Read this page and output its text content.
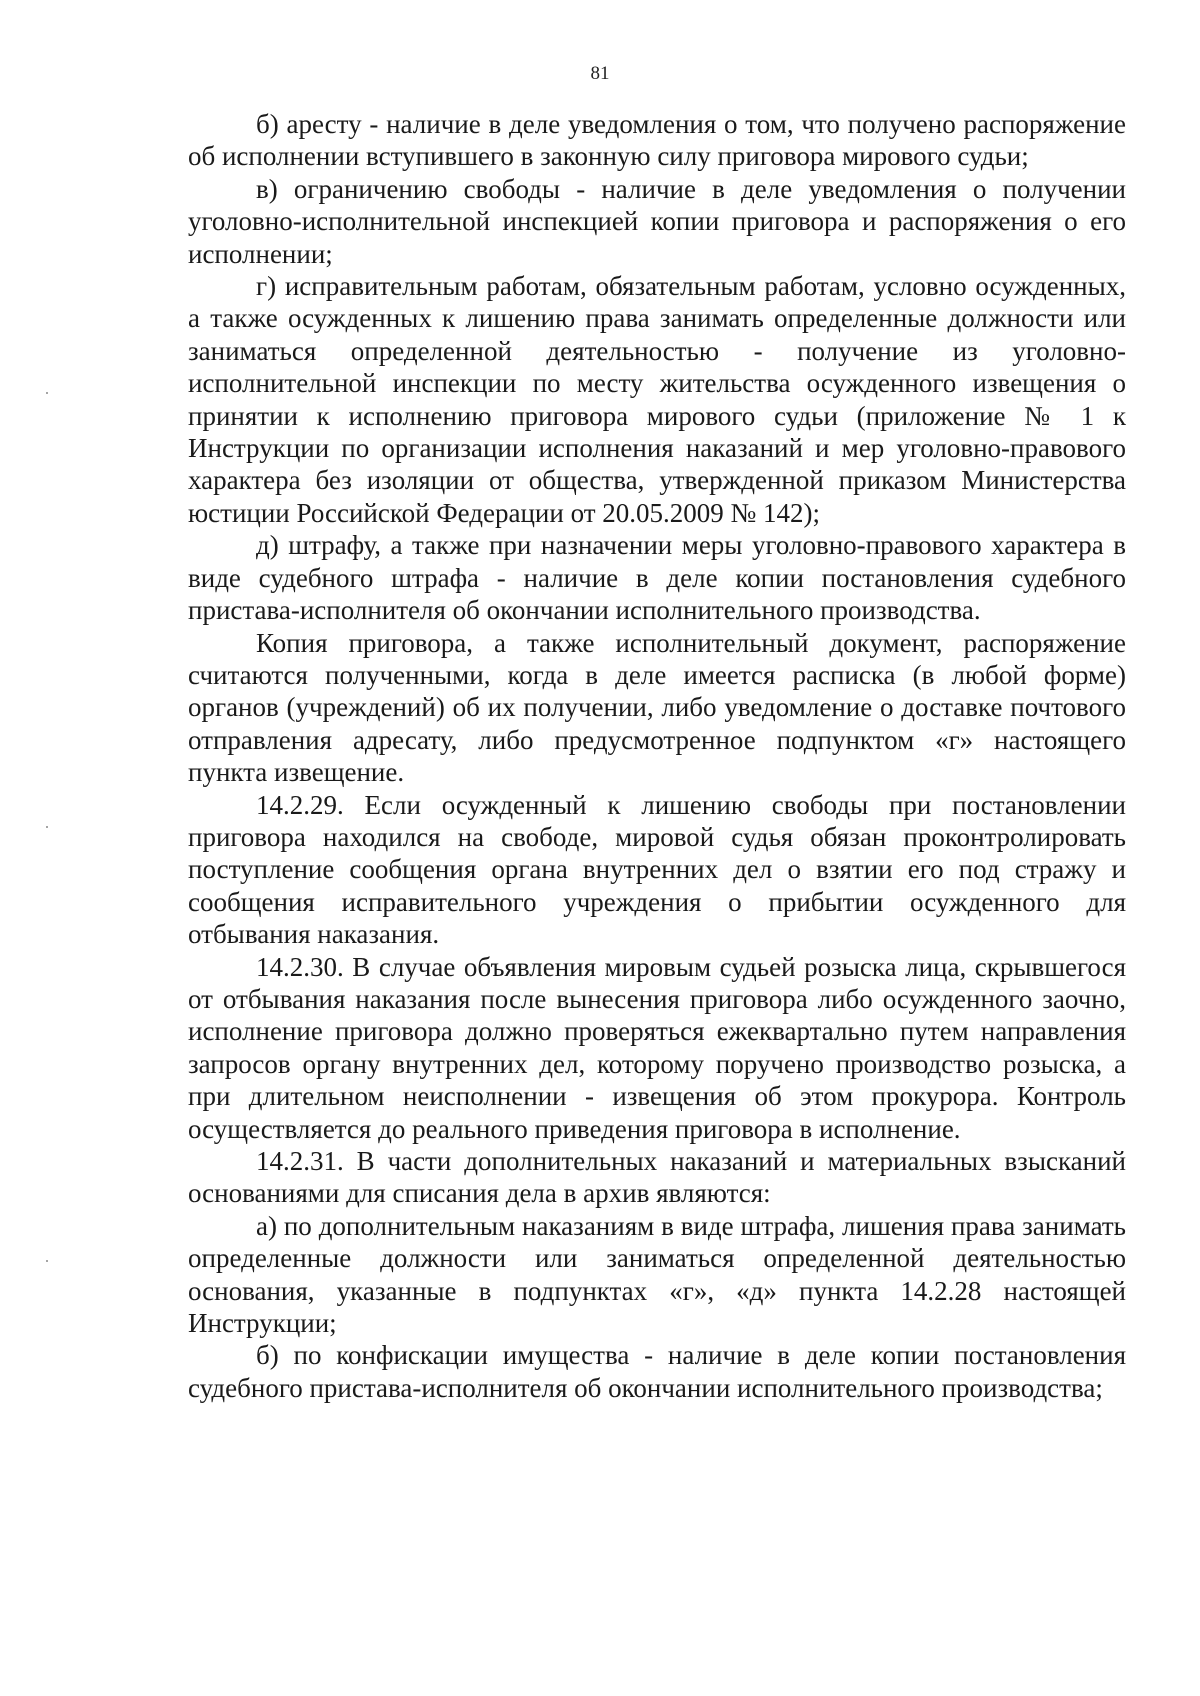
81

б) аресту - наличие в деле уведомления о том, что получено распоряжение об исполнении вступившего в законную силу приговора мирового судьи;

в) ограничению свободы - наличие в деле уведомления о получении уголовно-исполнительной инспекцией копии приговора и распоряжения о его исполнении;

г) исправительным работам, обязательным работам, условно осужденных, а также осужденных к лишению права занимать определенные должности или заниматься определенной деятельностью - получение из уголовно-исполнительной инспекции по месту жительства осужденного извещения о принятии к исполнению приговора мирового судьи (приложение № 1 к Инструкции по организации исполнения наказаний и мер уголовно-правового характера без изоляции от общества, утвержденной приказом Министерства юстиции Российской Федерации от 20.05.2009 № 142);

д) штрафу, а также при назначении меры уголовно-правового характера в виде судебного штрафа - наличие в деле копии постановления судебного пристава-исполнителя об окончании исполнительного производства.

Копия приговора, а также исполнительный документ, распоряжение считаются полученными, когда в деле имеется расписка (в любой форме) органов (учреждений) об их получении, либо уведомление о доставке почтового отправления адресату, либо предусмотренное подпунктом «г» настоящего пункта извещение.

14.2.29. Если осужденный к лишению свободы при постановлении приговора находился на свободе, мировой судья обязан проконтролировать поступление сообщения органа внутренних дел о взятии его под стражу и сообщения исправительного учреждения о прибытии осужденного для отбывания наказания.

14.2.30. В случае объявления мировым судьей розыска лица, скрывшегося от отбывания наказания после вынесения приговора либо осужденного заочно, исполнение приговора должно проверяться ежеквартально путем направления запросов органу внутренних дел, которому поручено производство розыска, а при длительном неисполнении - извещения об этом прокурора. Контроль осуществляется до реального приведения приговора в исполнение.

14.2.31. В части дополнительных наказаний и материальных взысканий основаниями для списания дела в архив являются:

а) по дополнительным наказаниям в виде штрафа, лишения права занимать определенные должности или заниматься определенной деятельностью основания, указанные в подпунктах «г», «д» пункта 14.2.28 настоящей Инструкции;

б) по конфискации имущества - наличие в деле копии постановления судебного пристава-исполнителя об окончании исполнительного производства;
